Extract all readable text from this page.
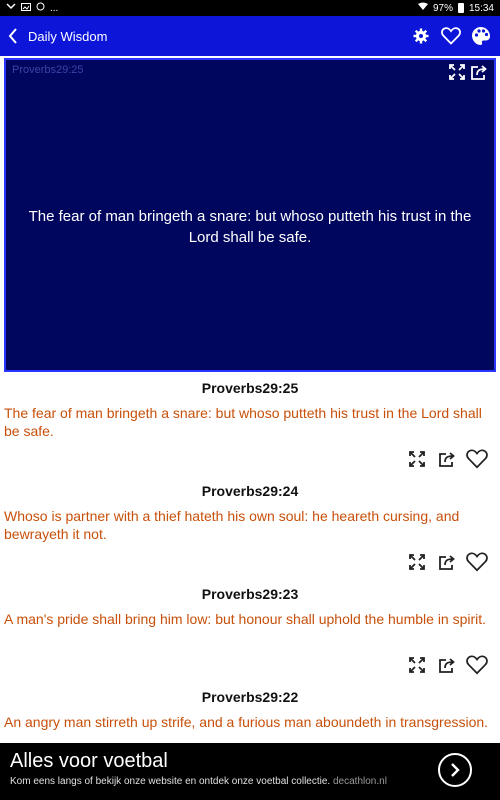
...	97% 15:34
Daily Wisdom
Proverbs29:25
The fear of man bringeth a snare: but whoso putteth his trust in the Lord shall be safe.
Proverbs29:25
The fear of man bringeth a snare: but whoso putteth his trust in the Lord shall be safe.
Proverbs29:24
Whoso is partner with a thief hateth his own soul: he heareth cursing, and bewrayeth it not.
Proverbs29:23
A man's pride shall bring him low: but honour shall uphold the humble in spirit.
Proverbs29:22
An angry man stirreth up strife, and a furious man aboundeth in transgression.
Alles voor voetbal
Kom eens langs of bekijk onze website en ontdek onze voetbal collectie. decathlon.nl
